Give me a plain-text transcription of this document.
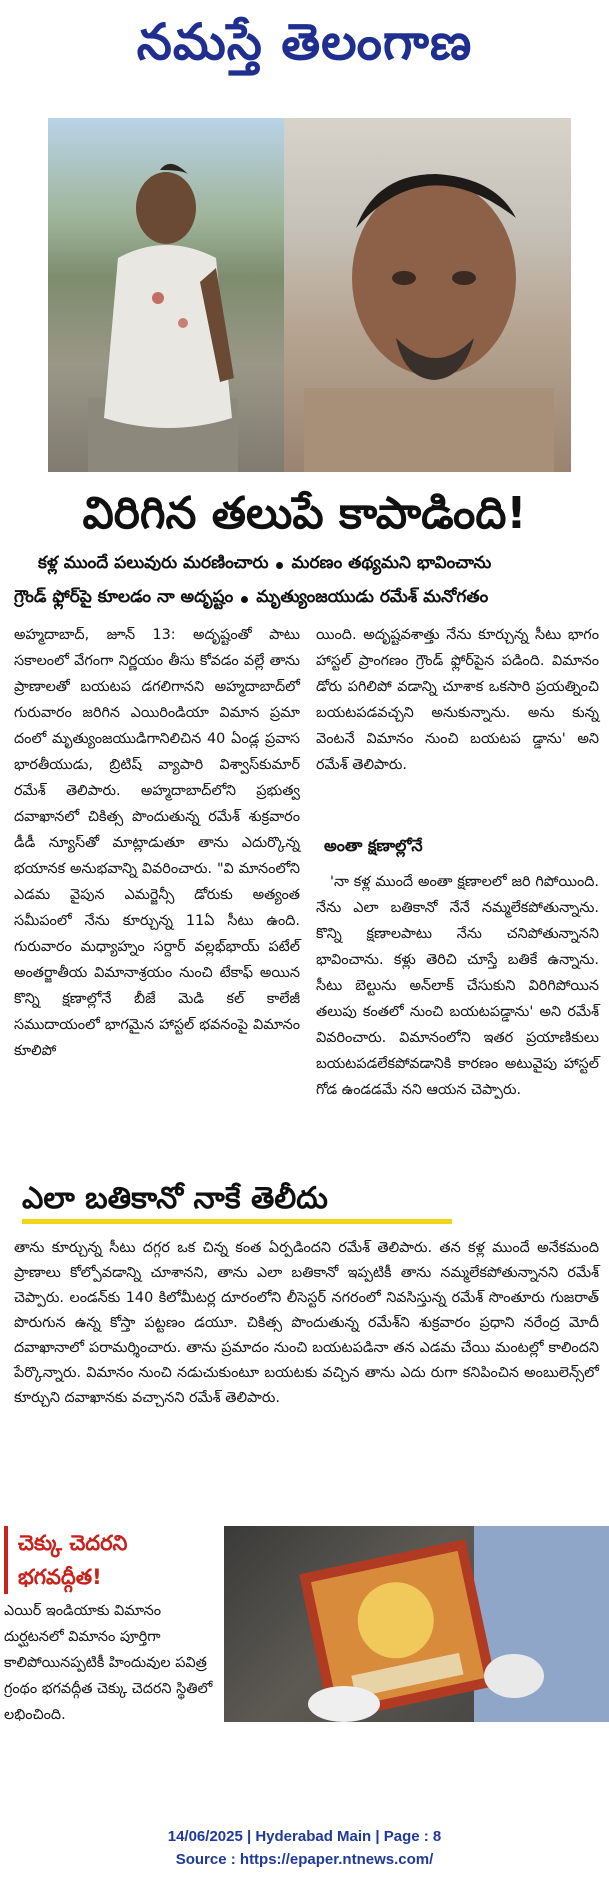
నమస్తే తెలంగాణ
విరిగిన తలుపే కాపాడింది!
కళ్ల ముందే పలువురు మరణించారు మరణం తథ్యమని భావించాను
గ్రౌండ్ ఫ్లోర్‌పై కూలడం నా అదృష్టం మృత్యుంజయుడు రమేశ్ మనోగతం
అహ్మదాబాద్, జూన్ 13: అదృష్టంతో పాటు సకాలంలో వేగంగా నిర్ణయం తీసు కోవడం వల్లే తాను ప్రాణాలతో బయటప డగలిగానని అహ్మదాబాద్‌లో గురువారం జరిగిన ఎయిరిండియా విమాన ప్రమా దంలో మృత్యుంజయుడిగానిలిచిన 40 ఏండ్ల ప్రవాస భారతీయుడు, బ్రిటిష్ వ్యాపారి విశ్వాస్‌కుమార్ రమేశ్ తెలిపారు. అహ్మదాబాద్‌లోని ప్రభుత్వ దవాఖానలో చికిత్స పొందుతున్న రమేశ్ శుక్రవారం డీడీ న్యూస్‌తో మాట్లాడుతూ తాను ఎదుర్కొన్న భయానక అనుభవాన్ని వివరించారు. "వి మానంలోని ఎడమ వైపున ఎమర్జెన్సీ డోరుకు అత్యంత సమీపంలో నేను కూర్చున్న 11ఏ సీటు ఉంది. గురువారం మధ్యాహ్నం సర్దార్ వల్లభ్‌భాయ్ పటేల్ అంతర్జాతీయ విమానాశ్రయం నుంచి టేకాఫ్ అయిన కొన్ని క్షణాల్లోనే బీజే మెడి కల్ కాలేజీ సముదాయంలో భాగమైన హాస్టల్ భవనంపై విమానం కూలిపో
యింది. అదృష్టవశాత్తు నేను కూర్చున్న సీటు భాగం హాస్టల్ ప్రాంగణం గ్రౌండ్ ఫ్లోర్‌పైన పడింది. విమానం డోరు పగిలిపో వడాన్ని చూశాక ఒకసారి ప్రయత్నించి బయటపడవచ్చని అనుకున్నాను. అను కున్న వెంటనే విమానం నుంచి బయటప డ్డాను' అని రమేశ్ తెలిపారు.
అంతా క్షణాల్లోనే
'నా కళ్ల ముందే అంతా క్షణాలలో జరి గిపోయింది. నేను ఎలా బతికానో నేనే నమ్మలేకపోతున్నాను. కొన్ని క్షణాలపాటు నేను చనిపోతున్నానని భావించాను. కళ్లు తెరిచి చూస్తే బతికే ఉన్నాను. సీటు బెల్టును అన్‌లాక్ చేసుకుని విరిగిపోయిన తలుపు కంతలో నుంచి బయటపడ్డాను' అని రమేశ్ వివరించారు. విమానంలోని ఇతర ప్రయాణికులు బయటపడలేకపోవడానికి కారణం అటువైపు హాస్టల్ గోడ ఉండడమే నని ఆయన చెప్పారు.
ఎలా బతికానో నాకే తెలీదు
తాను కూర్చున్న సీటు దగ్గర ఒక చిన్న కంత ఏర్పడిందని రమేశ్ తెలిపారు. తన కళ్ల ముందే అనేకమంది ప్రాణాలు కోల్పోవడాన్ని చూశానని, తాను ఎలా బతికానో ఇప్పటికీ తాను నమ్మలేకపోతున్నానని రమేశ్ చెప్పారు. లండన్‌కు 140 కిలోమీటర్ల దూరంలోని లీసెస్టర్ నగరంలో నివసిస్తున్న రమేశ్ సొంతూరు గుజరాత్ పొరుగున ఉన్న కోస్తా పట్టణం డయూ. చికిత్స పొందుతున్న రమేశ్‌ని శుక్రవారం ప్రధాని నరేంద్ర మోదీ దవాఖానాలో పరామర్శించారు. తాను ప్రమాదం నుంచి బయటపడినా తన ఎడమ చేయి మంటల్లో కాలిందని పేర్కొన్నారు. విమానం నుంచి నడుచుకుంటూ బయటకు వచ్చిన తాను ఎదు రుగా కనిపించిన అంబులెన్స్‌లో కూర్చుని దవాఖానకు వచ్చానని రమేశ్ తెలిపారు.
చెక్కు చెదరని
భగవద్గీత!
ఎయిర్ ఇండియాకు విమానం దుర్ఘటనలో విమానం పూర్తిగా కాలిపోయినప్పటికీ హిందువుల పవిత్ర గ్రంథం భగవద్గీత చెక్కు చెదరని స్థితిలో లభించింది.
14/06/2025 | Hyderabad Main | Page : 8
Source : https://epaper.ntnews.com/
